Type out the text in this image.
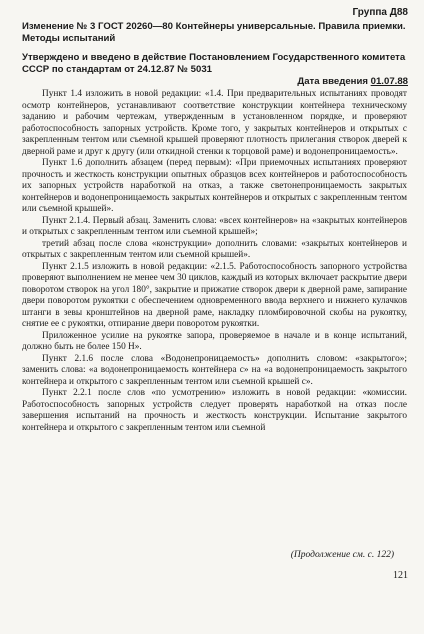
Группа Д88

Изменение № 3 ГОСТ 20260—80 Контейнеры универсальные. Правила приемки. Методы испытаний

Утверждено и введено в действие Постановлением Государственного комитета СССР по стандартам от 24.12.87 № 5031

Дата введения 01.07.88

Пункт 1.4 изложить в новой редакции: «1.4. При предварительных испытаниях проводят осмотр контейнеров, устанавливают соответствие конструкции контейнера техническому заданию и рабочим чертежам, утвержденным в установленном порядке, и проверяют работоспособность запорных устройств. Кроме того, у закрытых контейнеров и открытых с закрепленным тентом или съемной крышей проверяют плотность прилегания створок дверей к дверной раме и друг к другу (или откидной стенки к торцовой раме) и водонепроницаемость».

Пункт 1.6 дополнить абзацем (перед первым): «При приемочных испытаниях проверяют прочность и жесткость конструкции опытных образцов всех контейнеров и работоспособность их запорных устройств наработкой на отказ, а также светонепроницаемость закрытых контейнеров и водонепроницаемость закрытых контейнеров и открытых с закрепленным тентом или съемной крышей».

Пункт 2.1.4. Первый абзац. Заменить слова: «всех контейнеров» на «закрытых контейнеров и открытых с закрепленным тентом или съемной крышей»;

третий абзац после слова «конструкции» дополнить словами: «закрытых контейнеров и открытых с закрепленным тентом или съемной крышей».

Пункт 2.1.5 изложить в новой редакции: «2.1.5. Работоспособность запорного устройства проверяют выполнением не менее чем 30 циклов, каждый из которых включает раскрытие двери поворотом створок на угол 180°, закрытие и прижатие створок двери к дверной раме, запирание двери поворотом рукоятки с обеспечением одновременного ввода верхнего и нижнего кулачков штанги в зевы кронштейнов на дверной раме, накладку пломбировочной скобы на рукоятку, снятие ее с рукоятки, отпирание двери поворотом рукоятки.

Приложенное усилие на рукоятке запора, проверяемое в начале и в конце испытаний, должно быть не более 150 Н».

Пункт 2.1.6 после слова «Водонепроницаемость» дополнить словом: «закрытого»; заменить слова: «а водонепроницаемость контейнера с» на «а водонепроницаемость закрытого контейнера и открытого с закрепленным тентом или съемной крышей с».

Пункт 2.2.1 после слов «по усмотрению» изложить в новой редакции: «комиссии. Работоспособность запорных устройств следует проверять наработкой на отказ после завершения испытаний на прочность и жесткость конструкции. Испытание закрытого контейнера и открытого с закрепленным тентом или съемной

(Продолжение см. с. 122)
121
